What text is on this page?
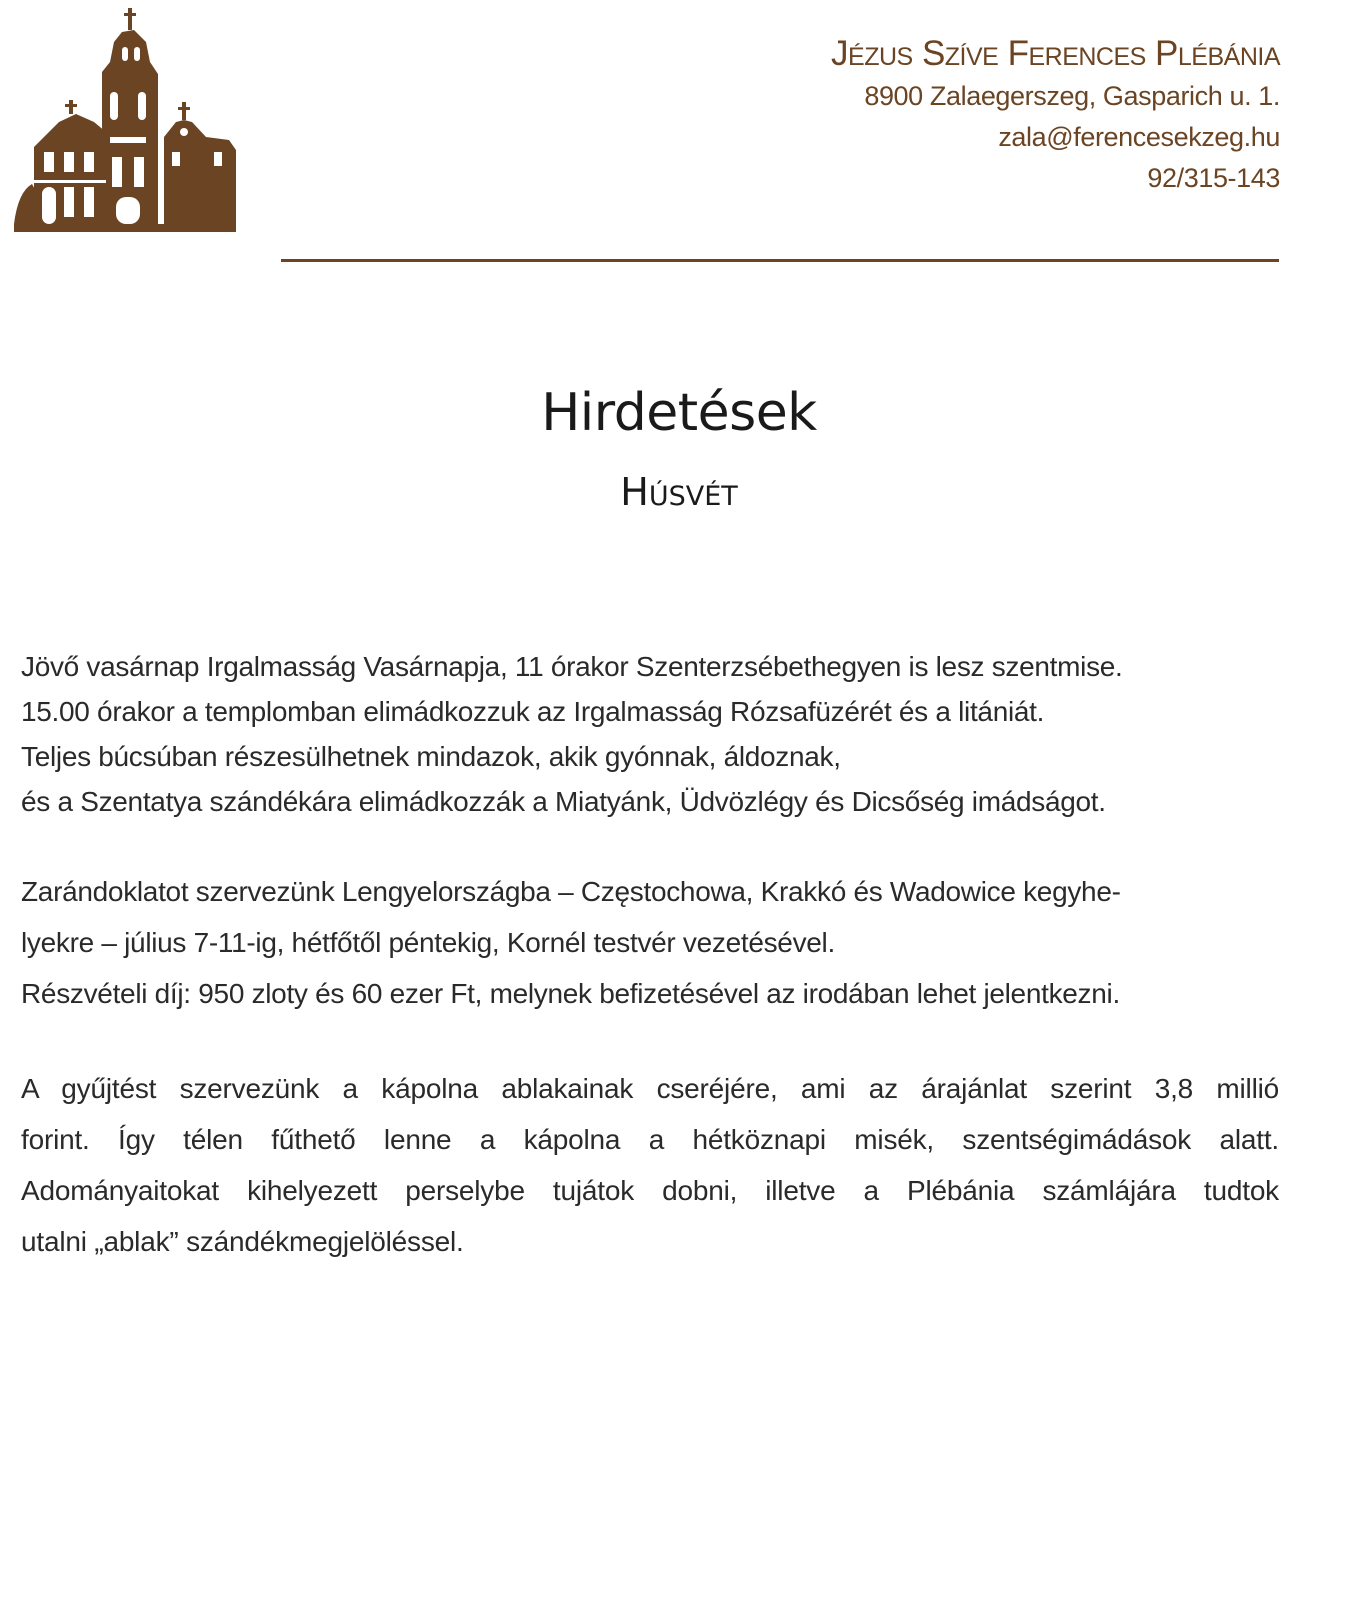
Jézus Szíve Ferences Plébánia
8900 Zalaegerszeg, Gasparich u. 1.
zala@ferencesekzeg.hu
92/315-143
Hirdetések
Húsvét
Jövő vasárnap Irgalmasság Vasárnapja, 11 órakor Szenterzsébethegyen is lesz szentmise.
15.00 órakor a templomban elimádkozzuk az Irgalmasság Rózsafüzérét és a litániát.
Teljes búcsúban részesülhetnek mindazok, akik gyónnak, áldoznak,
és a Szentatya szándékára elimádkozzák a Miatyánk, Üdvözlégy és Dicsőség imádságot.
Zarándoklatot szervezünk Lengyelországba – Częstochowa, Krakkó és Wadowice kegyhe-
lyekre – július 7-11-ig, hétfőtől péntekig, Kornél testvér vezetésével.
Részvételi díj: 950 zloty és 60 ezer Ft, melynek befizetésével az irodában lehet jelentkezni.
A gyűjtést szervezünk a kápolna ablakainak cseréjére, ami az árajánlat szerint 3,8 millió
forint. Így télen fűthető lenne a kápolna a hétköznapi misék, szentségimádások alatt.
Adományaitokat kihelyezett perselybe tujátok dobni, illetve a Plébánia számlájára tudtok
utalni „ablak” szándékmegjelöléssel.
